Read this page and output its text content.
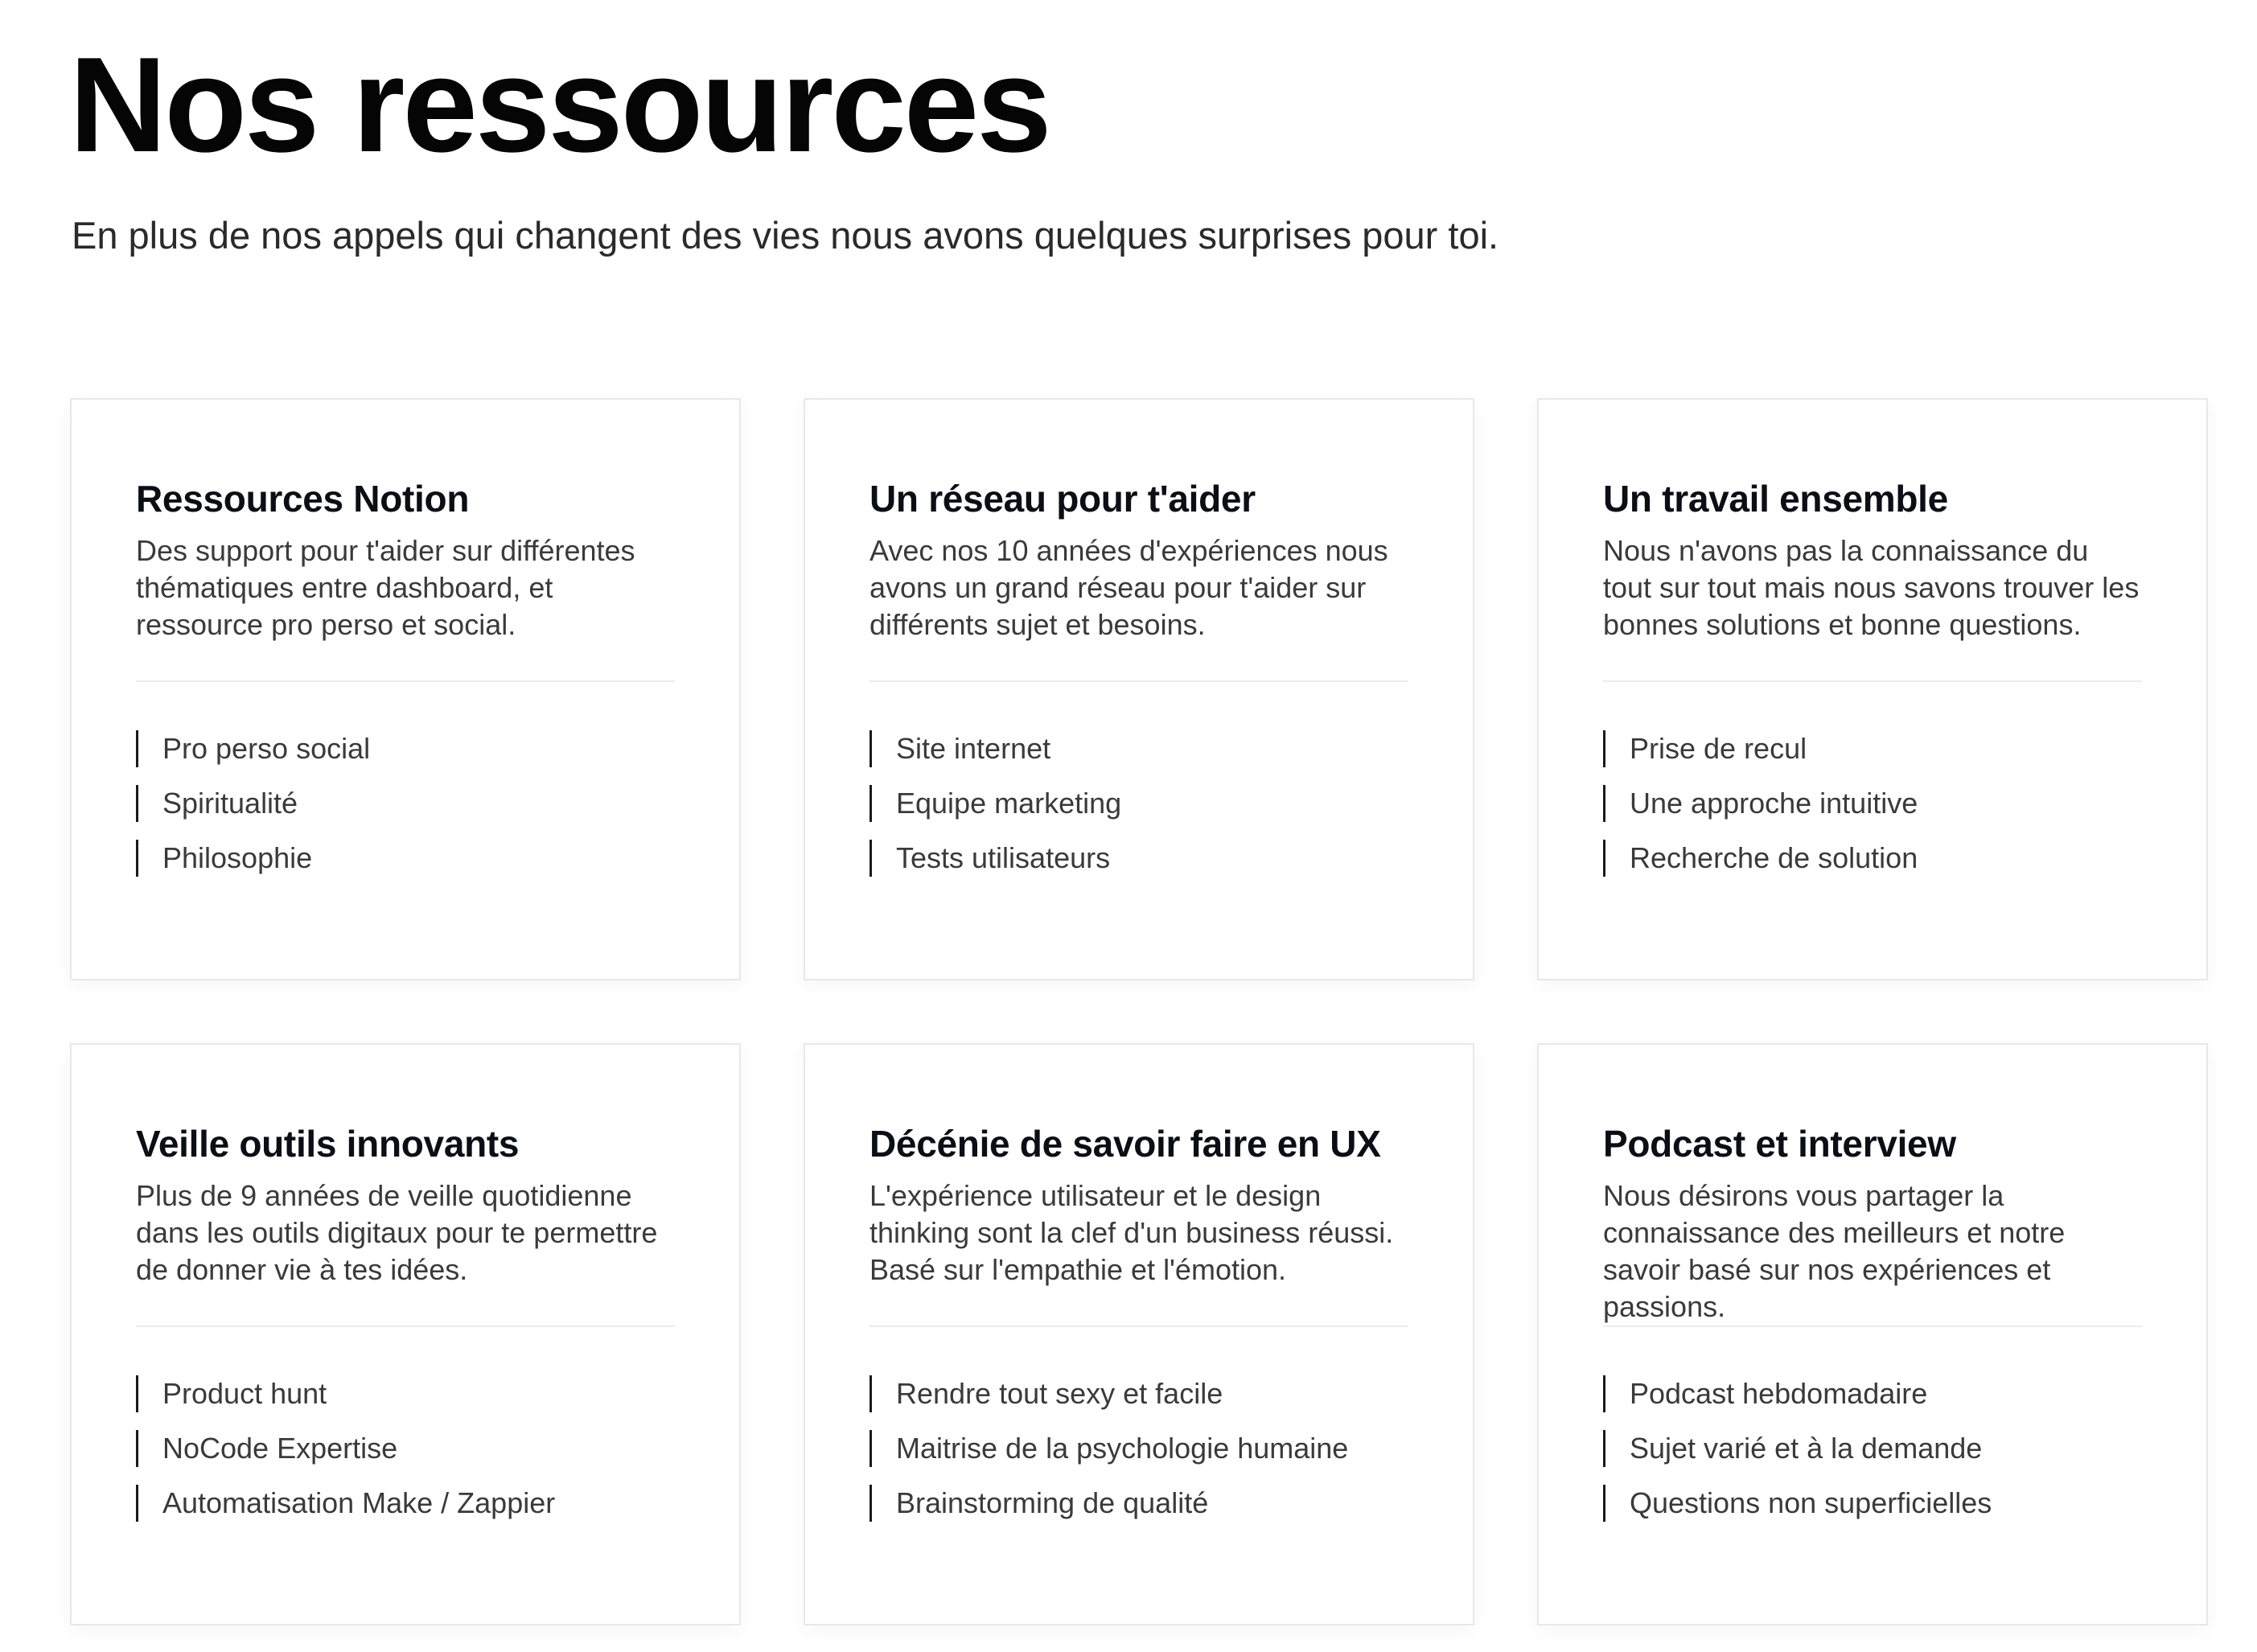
Nos ressources

En plus de nos appels qui changent des vies nous avons quelques surprises pour toi.

Ressources Notion

Des support pour t'aider sur différentes thématiques entre dashboard, et ressource pro perso et social.

Pro perso social
Spiritualité
Philosophie
Un réseau pour t'aider

Avec nos 10 années d'expériences nous avons un grand réseau pour t'aider sur différents sujet et besoins.

Site internet
Equipe marketing
Tests utilisateurs
Un travail ensemble

Nous n'avons pas la connaissance du tout sur tout mais nous savons trouver les bonnes solutions et bonne questions.

Prise de recul
Une approche intuitive
Recherche de solution
Veille outils innovants

Plus de 9 années de veille quotidienne dans les outils digitaux pour te permettre de donner vie à tes idées.

Product hunt
NoCode Expertise
Automatisation Make / Zappier
Décénie de savoir faire en UX

L'expérience utilisateur et le design thinking sont la clef d'un business réussi. Basé sur l'empathie et l'émotion.

Rendre tout sexy et facile
Maitrise de la psychologie humaine
Brainstorming de qualité
Podcast et interview

Nous désirons vous partager la connaissance des meilleurs et notre savoir basé sur nos expériences et passions.

Podcast hebdomadaire
Sujet varié et à la demande
Questions non superficielles
